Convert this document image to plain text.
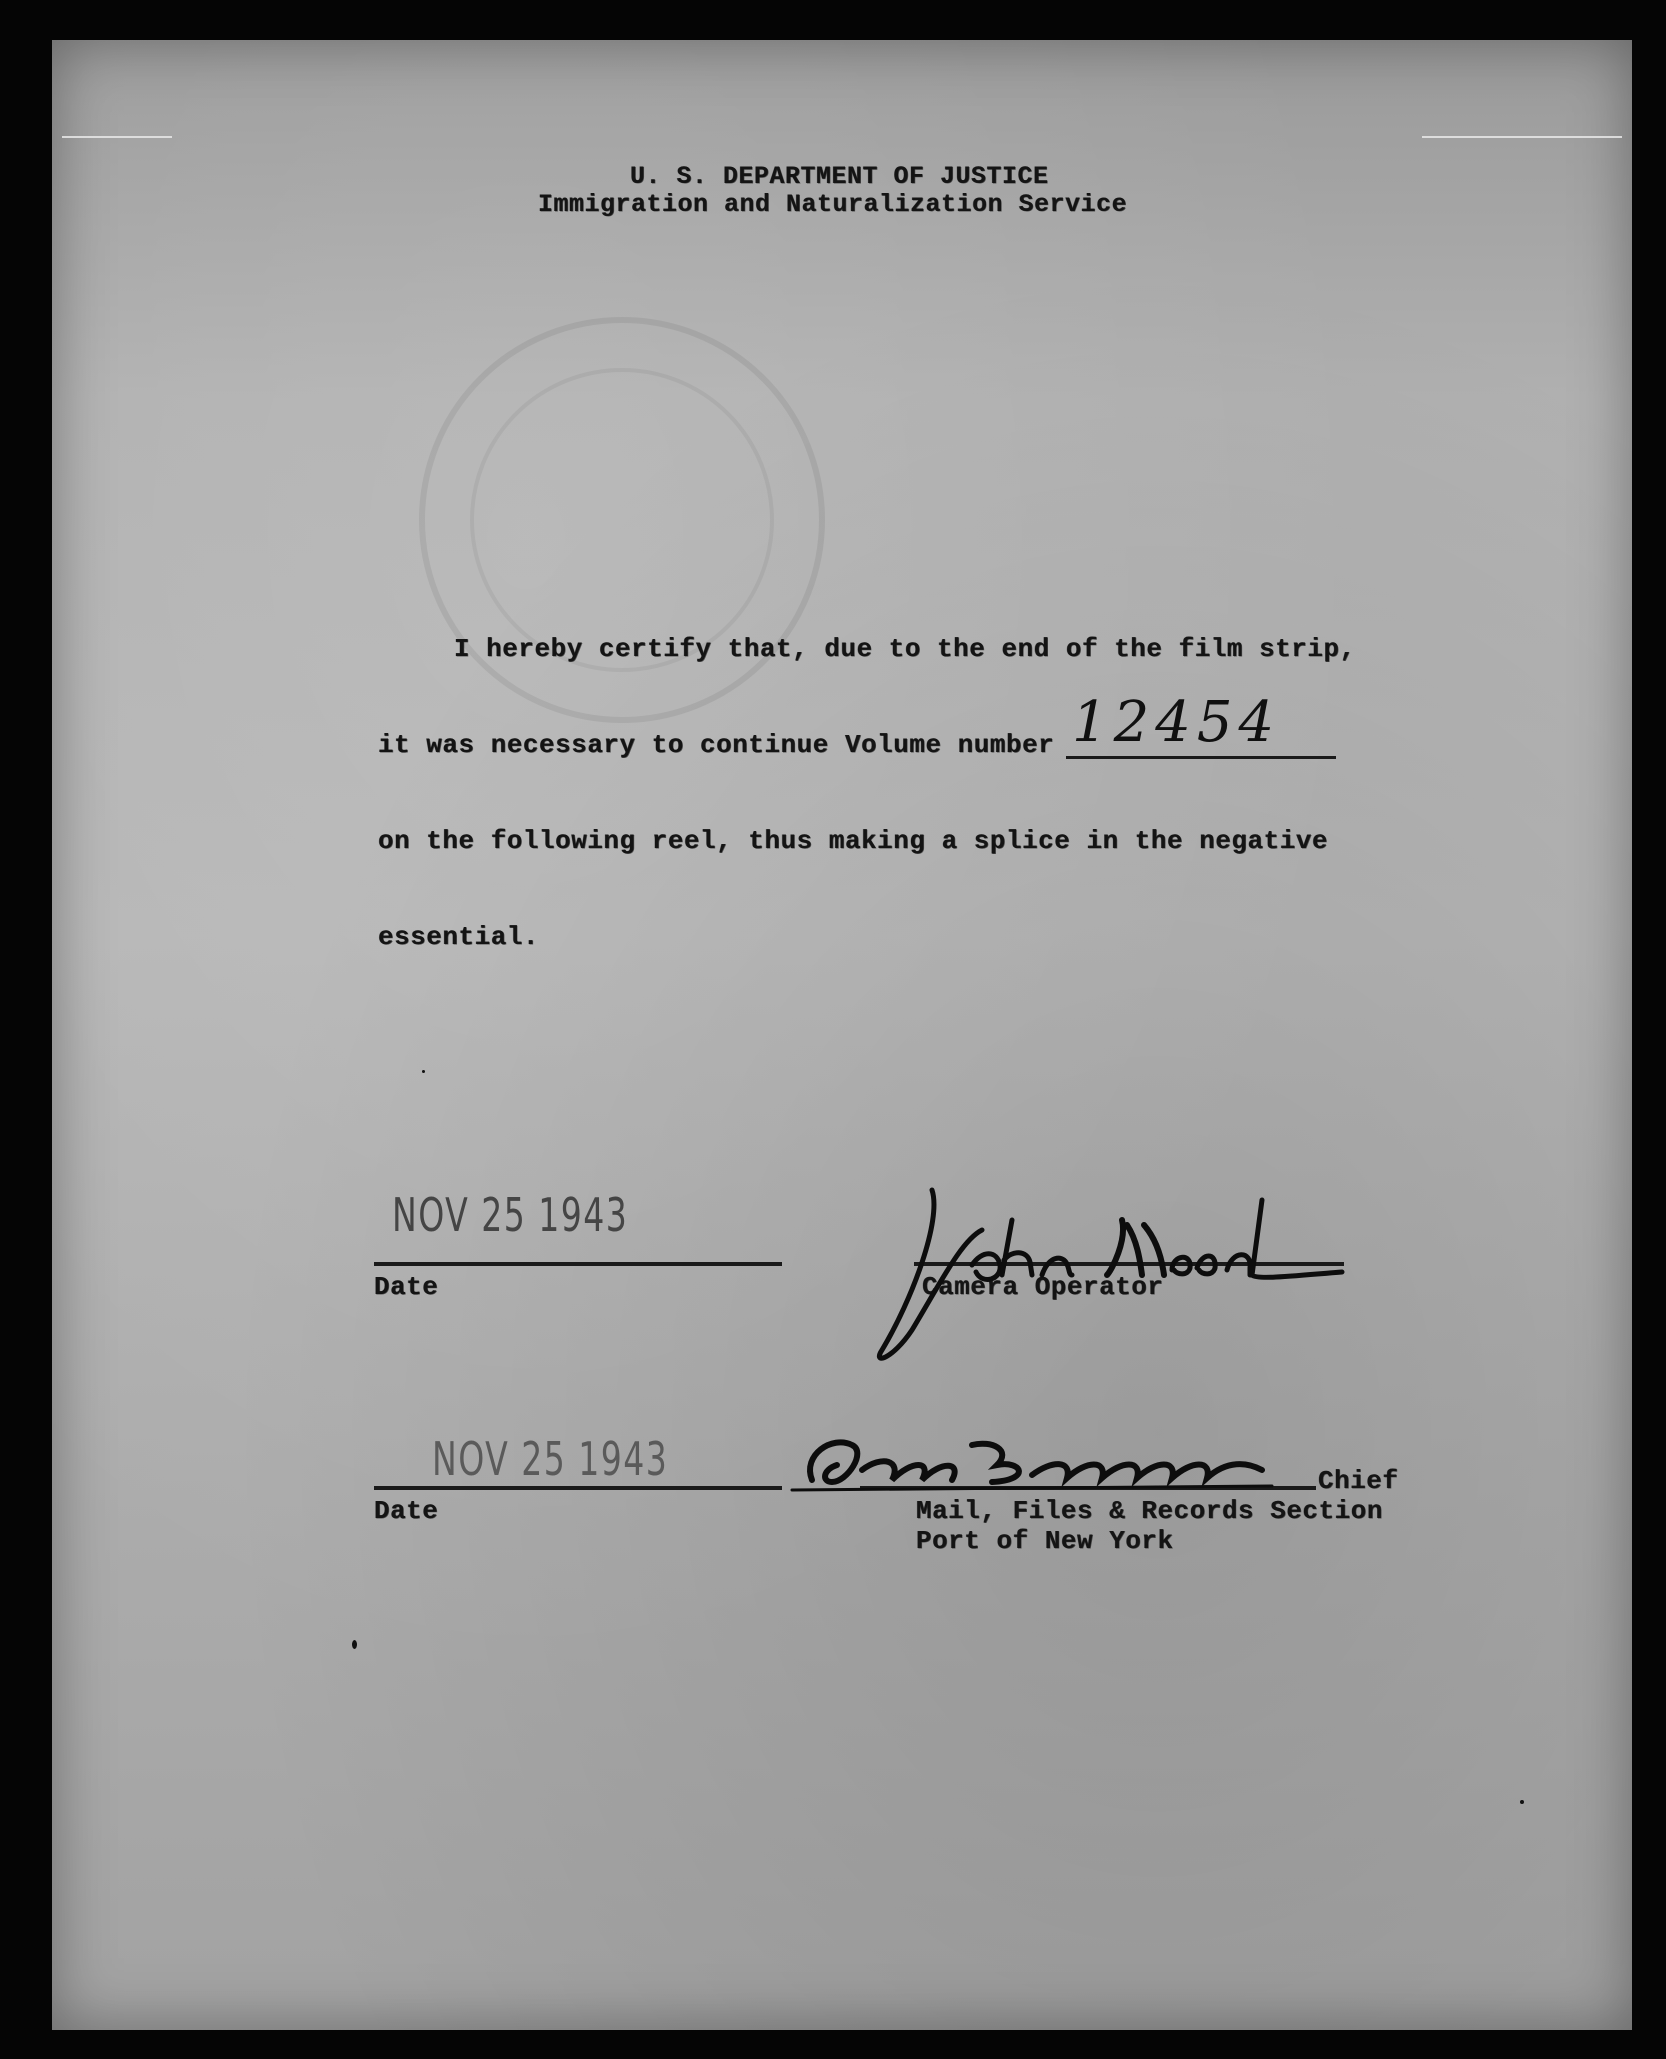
U. S. DEPARTMENT OF JUSTICE
Immigration and Naturalization Service
I hereby certify that, due to the end of the film strip,
it was necessary to continue Volume number 12454
on the following reel, thus making a splice in the negative
essential.
NOV 25 1943
Date	Camera Operator
NOV 25 1943
Date
Chief
Mail, Files & Records Section
Port of New York
